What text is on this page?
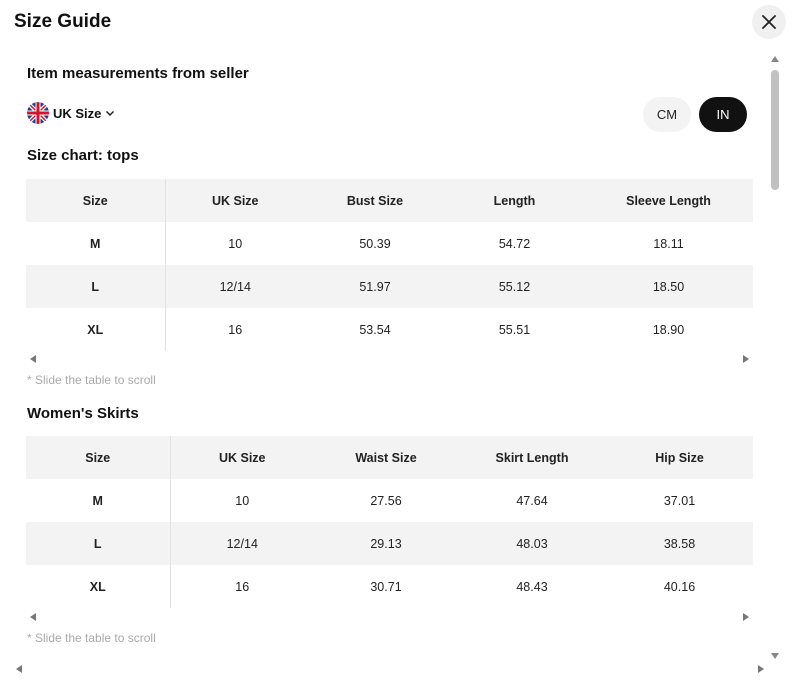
Size Guide
Item measurements from seller
UK Size	CM	IN
Size chart: tops
Size	UK Size	Bust Size	Length	Sleeve Length
M	10	50.39	54.72	18.11
L	12/14	51.97	55.12	18.50
XL	16	53.54	55.51	18.90
* Slide the table to scroll
Women's Skirts
Size	UK Size	Waist Size	Skirt Length	Hip Size
M	10	27.56	47.64	37.01
L	12/14	29.13	48.03	38.58
XL	16	30.71	48.43	40.16
* Slide the table to scroll
